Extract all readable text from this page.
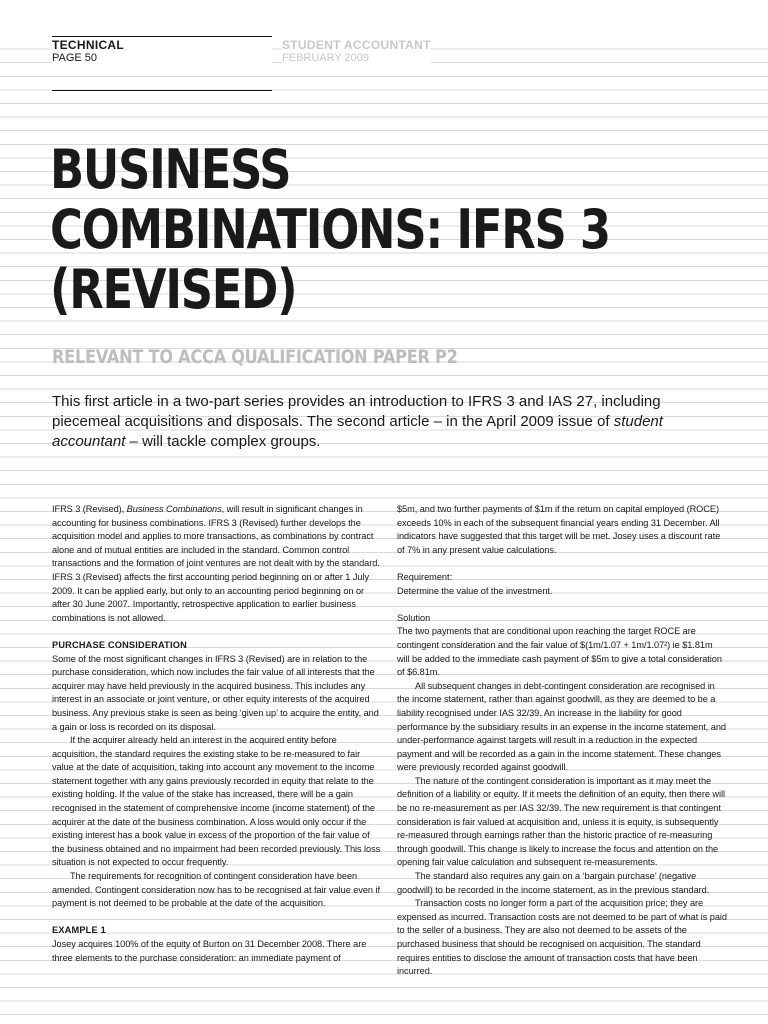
TECHNICAL
PAGE 50
STUDENT ACCOUNTANT
FEBRUARY 2009
BUSINESS
COMBINATIONS: IFRS 3
(REVISED)
RELEVANT TO ACCA QUALIFICATION PAPER P2

This first article in a two-part series provides an introduction to IFRS 3 and IAS 27, including piecemeal acquisitions and disposals. The second article – in the April 2009 issue of student accountant – will tackle complex groups.

IFRS 3 (Revised), Business Combinations, will result in significant changes in accounting for business combinations. IFRS 3 (Revised) further develops the acquisition model and applies to more transactions, as combinations by contract alone and of mutual entities are included in the standard. Common control transactions and the formation of joint ventures are not dealt with by the standard. IFRS 3 (Revised) affects the first accounting period beginning on or after 1 July 2009. It can be applied early, but only to an accounting period beginning on or after 30 June 2007. Importantly, retrospective application to earlier business combinations is not allowed.

PURCHASE CONSIDERATION

Some of the most significant changes in IFRS 3 (Revised) are in relation to the purchase consideration, which now includes the fair value of all interests that the acquirer may have held previously in the acquired business. This includes any interest in an associate or joint venture, or other equity interests of the acquired business. Any previous stake is seen as being ‘given up’ to acquire the entity, and a gain or loss is recorded on its disposal.

If the acquirer already held an interest in the acquired entity before acquisition, the standard requires the existing stake to be re-measured to fair value at the date of acquisition, taking into account any movement to the income statement together with any gains previously recorded in equity that relate to the existing holding. If the value of the stake has increased, there will be a gain recognised in the statement of comprehensive income (income statement) of the acquirer at the date of the business combination. A loss would only occur if the existing interest has a book value in excess of the proportion of the fair value of the business obtained and no impairment had been recorded previously. This loss situation is not expected to occur frequently.

The requirements for recognition of contingent consideration have been amended. Contingent consideration now has to be recognised at fair value even if payment is not deemed to be probable at the date of the acquisition.

EXAMPLE 1

Josey acquires 100% of the equity of Burton on 31 December 2008. There are three elements to the purchase consideration: an immediate payment of

$5m, and two further payments of $1m if the return on capital employed (ROCE) exceeds 10% in each of the subsequent financial years ending 31 December. All indicators have suggested that this target will be met. Josey uses a discount rate of 7% in any present value calculations.

Requirement:

Determine the value of the investment.

Solution

The two payments that are conditional upon reaching the target ROCE are contingent consideration and the fair value of $(1m/1.07 + 1m/1.07²) ie $1.81m will be added to the immediate cash payment of $5m to give a total consideration of $6.81m.

All subsequent changes in debt-contingent consideration are recognised in the income statement, rather than against goodwill, as they are deemed to be a liability recognised under IAS 32/39. An increase in the liability for good performance by the subsidiary results in an expense in the income statement, and under-performance against targets will result in a reduction in the expected payment and will be recorded as a gain in the income statement. These changes were previously recorded against goodwill.

The nature of the contingent consideration is important as it may meet the definition of a liability or equity. If it meets the definition of an equity, then there will be no re-measurement as per IAS 32/39. The new requirement is that contingent consideration is fair valued at acquisition and, unless it is equity, is subsequently re-measured through earnings rather than the historic practice of re-measuring through goodwill. This change is likely to increase the focus and attention on the opening fair value calculation and subsequent re-measurements.

The standard also requires any gain on a ‘bargain purchase’ (negative goodwill) to be recorded in the income statement, as in the previous standard.

Transaction costs no longer form a part of the acquisition price; they are expensed as incurred. Transaction costs are not deemed to be part of what is paid to the seller of a business. They are also not deemed to be assets of the purchased business that should be recognised on acquisition. The standard requires entities to disclose the amount of transaction costs that have been incurred.
